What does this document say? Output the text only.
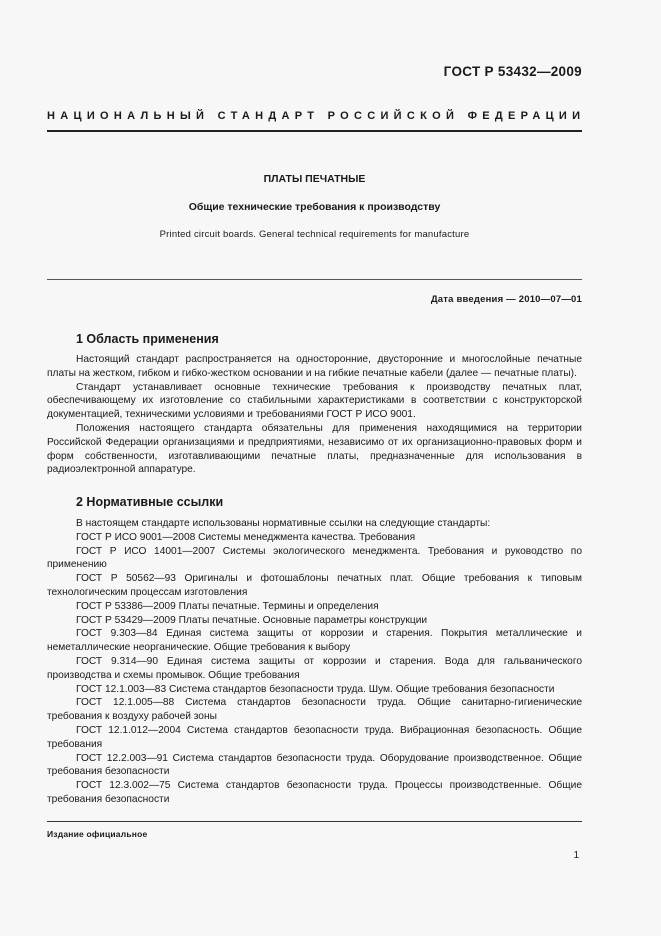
ГОСТ Р 53432—2009
НАЦИОНАЛЬНЫЙ СТАНДАРТ РОССИЙСКОЙ ФЕДЕРАЦИИ
ПЛАТЫ ПЕЧАТНЫЕ
Общие технические требования к производству
Printed circuit boards. General technical requirements for manufacture
Дата введения — 2010—07—01
1 Область применения

Настоящий стандарт распространяется на односторонние, двусторонние и многослойные печатные платы на жестком, гибком и гибко-жестком основании и на гибкие печатные кабели (далее — печатные платы).

Стандарт устанавливает основные технические требования к производству печатных плат, обеспечивающему их изготовление со стабильными характеристиками в соответствии с конструкторской документацией, техническими условиями и требованиями ГОСТ Р ИСО 9001.

Положения настоящего стандарта обязательны для применения находящимися на территории Российской Федерации организациями и предприятиями, независимо от их организационно-правовых форм и форм собственности, изготавливающими печатные платы, предназначенные для использования в радиоэлектронной аппаратуре.

2 Нормативные ссылки

В настоящем стандарте использованы нормативные ссылки на следующие стандарты:

ГОСТ Р ИСО 9001—2008 Системы менеджмента качества. Требования

ГОСТ Р ИСО 14001—2007 Системы экологического менеджмента. Требования и руководство по применению

ГОСТ Р 50562—93 Оригиналы и фотошаблоны печатных плат. Общие требования к типовым технологическим процессам изготовления

ГОСТ Р 53386—2009 Платы печатные. Термины и определения

ГОСТ Р 53429—2009 Платы печатные. Основные параметры конструкции

ГОСТ 9.303—84 Единая система защиты от коррозии и старения. Покрытия металлические и неметаллические неорганические. Общие требования к выбору

ГОСТ 9.314—90 Единая система защиты от коррозии и старения. Вода для гальванического производства и схемы промывок. Общие требования

ГОСТ 12.1.003—83 Система стандартов безопасности труда. Шум. Общие требования безопасности

ГОСТ 12.1.005—88 Система стандартов безопасности труда. Общие санитарно-гигиенические требования к воздуху рабочей зоны

ГОСТ 12.1.012—2004 Система стандартов безопасности труда. Вибрационная безопасность. Общие требования

ГОСТ 12.2.003—91 Система стандартов безопасности труда. Оборудование производственное. Общие требования безопасности

ГОСТ 12.3.002—75 Система стандартов безопасности труда. Процессы производственные. Общие требования безопасности

Издание официальное
1
